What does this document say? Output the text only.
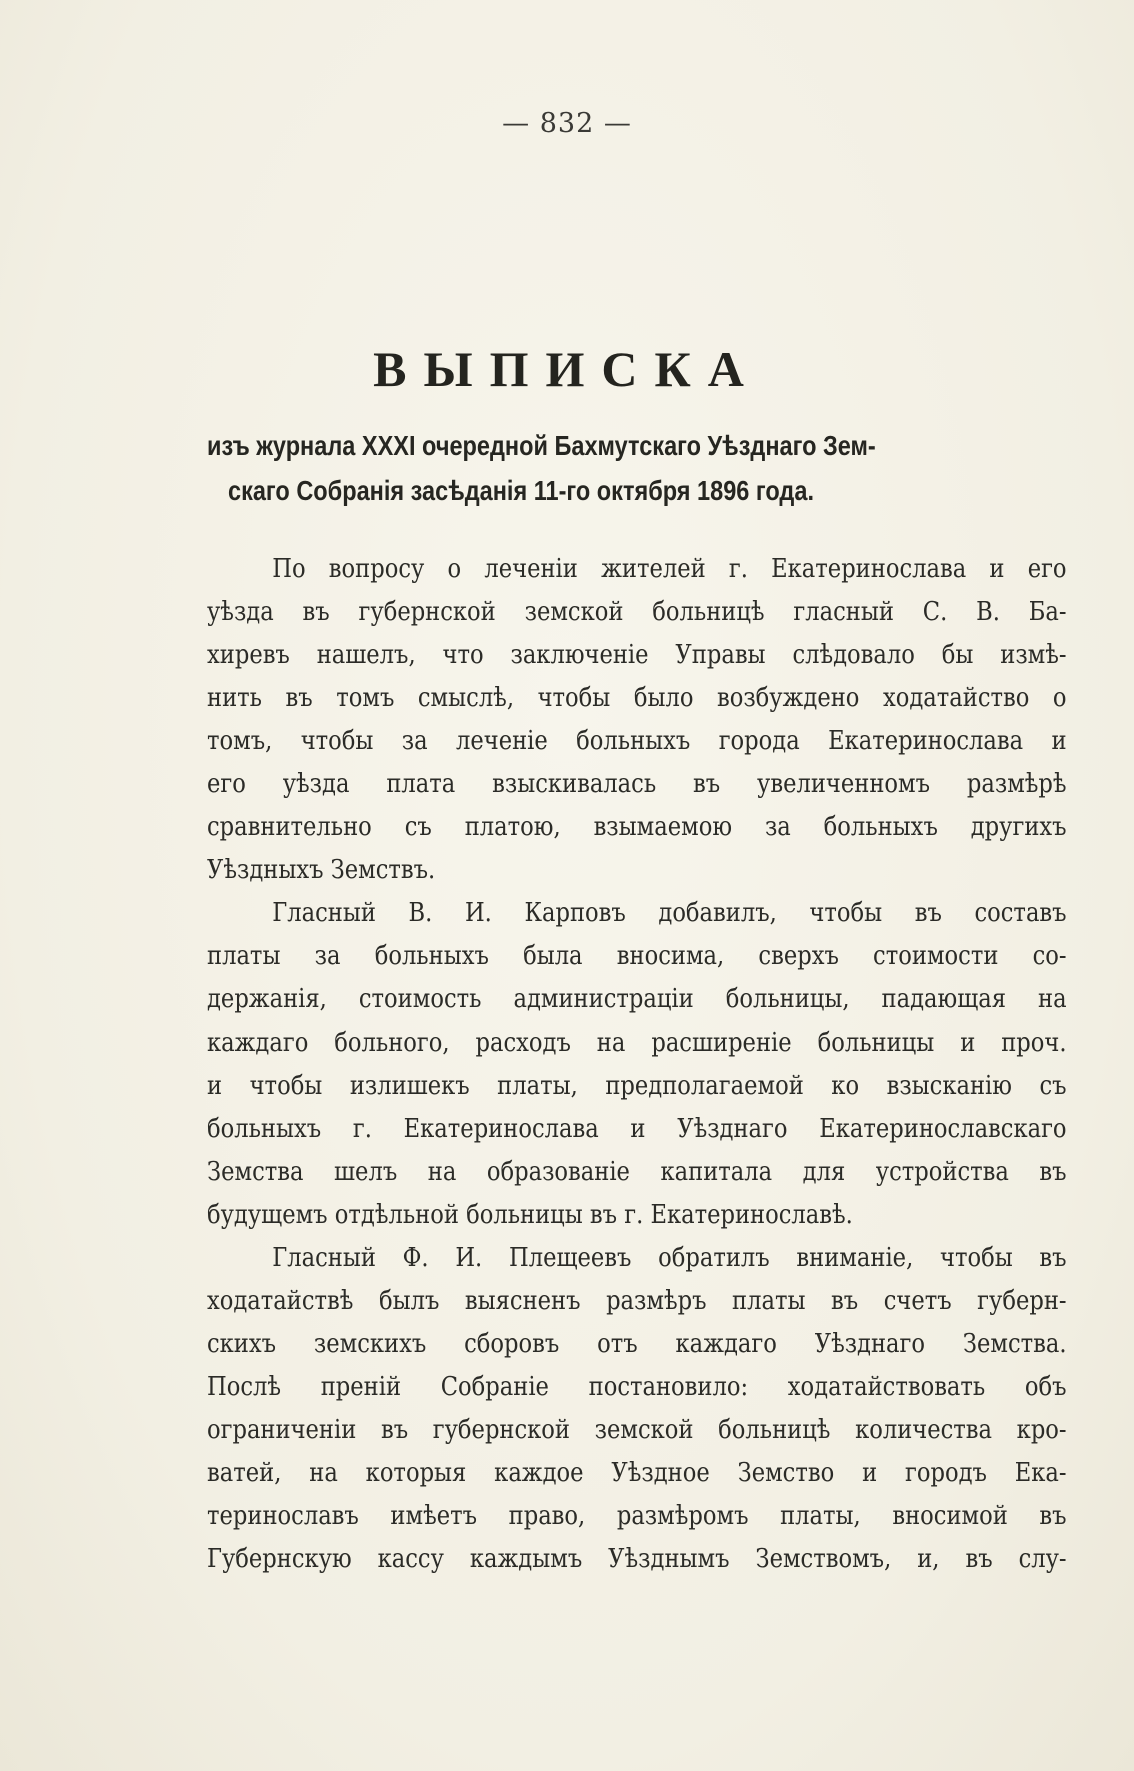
— 832 —
ВЫПИСКА
изъ журнала XXXI очередной Бахмутскаго Уѣзднаго Зем-
скаго Собранія засѣданія 11-го октября 1896 года.
По вопросу о леченіи жителей г. Екатеринослава и его
уѣзда въ губернской земской больницѣ гласный С. В. Ба-
хиревъ нашелъ, что заключеніе Управы слѣдовало бы измѣ-
нить въ томъ смыслѣ, чтобы было возбуждено ходатайство о
томъ, чтобы за леченіе больныхъ города Екатеринослава и
его уѣзда плата взыскивалась въ увеличенномъ размѣрѣ
сравнительно съ платою, взымаемою за больныхъ другихъ
Уѣздныхъ Земствъ.
Гласный В. И. Карповъ добавилъ, чтобы въ составъ
платы за больныхъ была вносима, сверхъ стоимости со-
держанія, стоимость администраціи больницы, падающая на
каждаго больного, расходъ на расширеніе больницы и проч.
и чтобы излишекъ платы, предполагаемой ко взысканію съ
больныхъ г. Екатеринослава и Уѣзднаго Екатеринославскаго
Земства шелъ на образованіе капитала для устройства въ
будущемъ отдѣльной больницы въ г. Екатеринославѣ.
Гласный Ф. И. Плещеевъ обратилъ вниманіе, чтобы въ
ходатайствѣ былъ выясненъ размѣръ платы въ счетъ губерн-
скихъ земскихъ сборовъ отъ каждаго Уѣзднаго Земства.
Послѣ преній Собраніе постановило: ходатайствовать объ
ограниченіи въ губернской земской больницѣ количества кро-
ватей, на которыя каждое Уѣздное Земство и городъ Ека-
теринославъ имѣетъ право, размѣромъ платы, вносимой въ
Губернскую кассу каждымъ Уѣзднымъ Земствомъ, и, въ слу-
